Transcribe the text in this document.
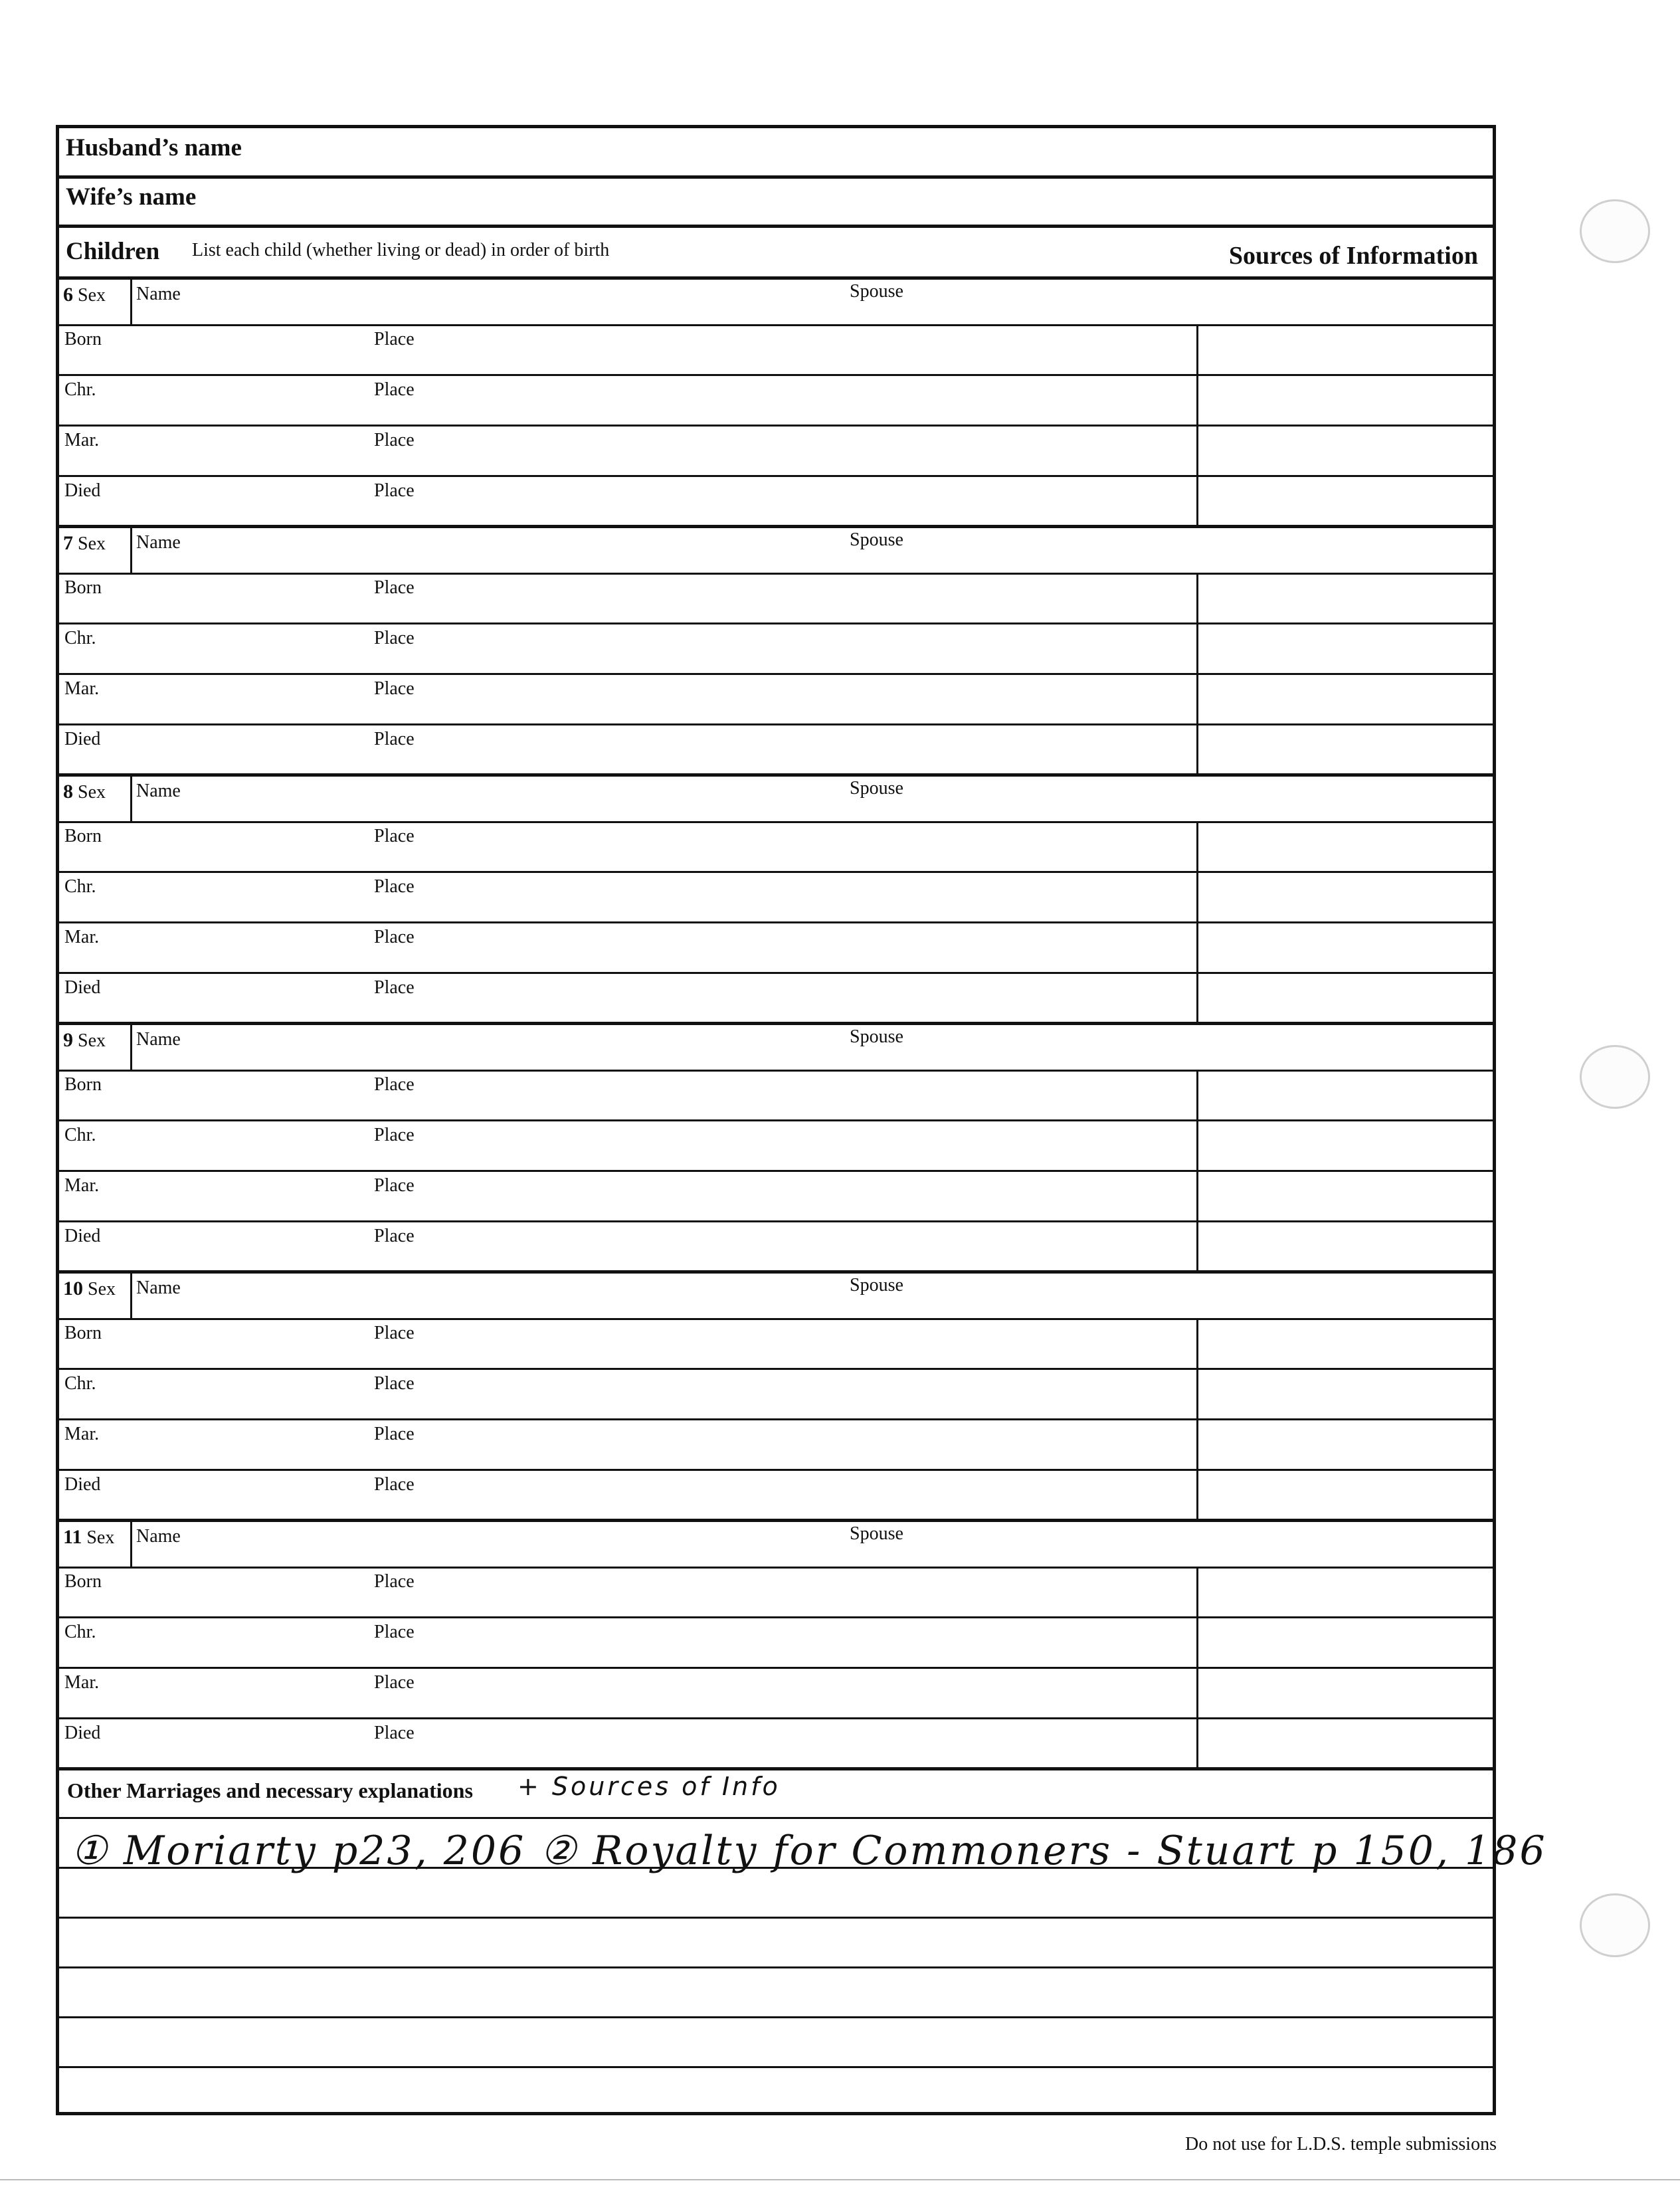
Husband’s name
Wife’s name
Children List each child (whether living or dead) in order of birth	Sources of Information
6 Sex Name	Spouse
Born	Place
Chr.	Place
Mar.	Place
Died	Place
7 Sex Name	Spouse
Born	Place
Chr.	Place
Mar.	Place
Died	Place
8 Sex Name	Spouse
Born	Place
Chr.	Place
Mar.	Place
Died	Place
9 Sex Name	Spouse
Born	Place
Chr.	Place
Mar.	Place
Died	Place
10 Sex Name	Spouse
Born	Place
Chr.	Place
Mar.	Place
Died	Place
11 Sex Name	Spouse
Born	Place
Chr.	Place
Mar.	Place
Died	Place
Other Marriages and necessary explanations + Sources of Info
① Moriarty p23, 206 ② Royalty for Commoners - Stuart p 150, 186
Do not use for L.D.S. temple submissions
